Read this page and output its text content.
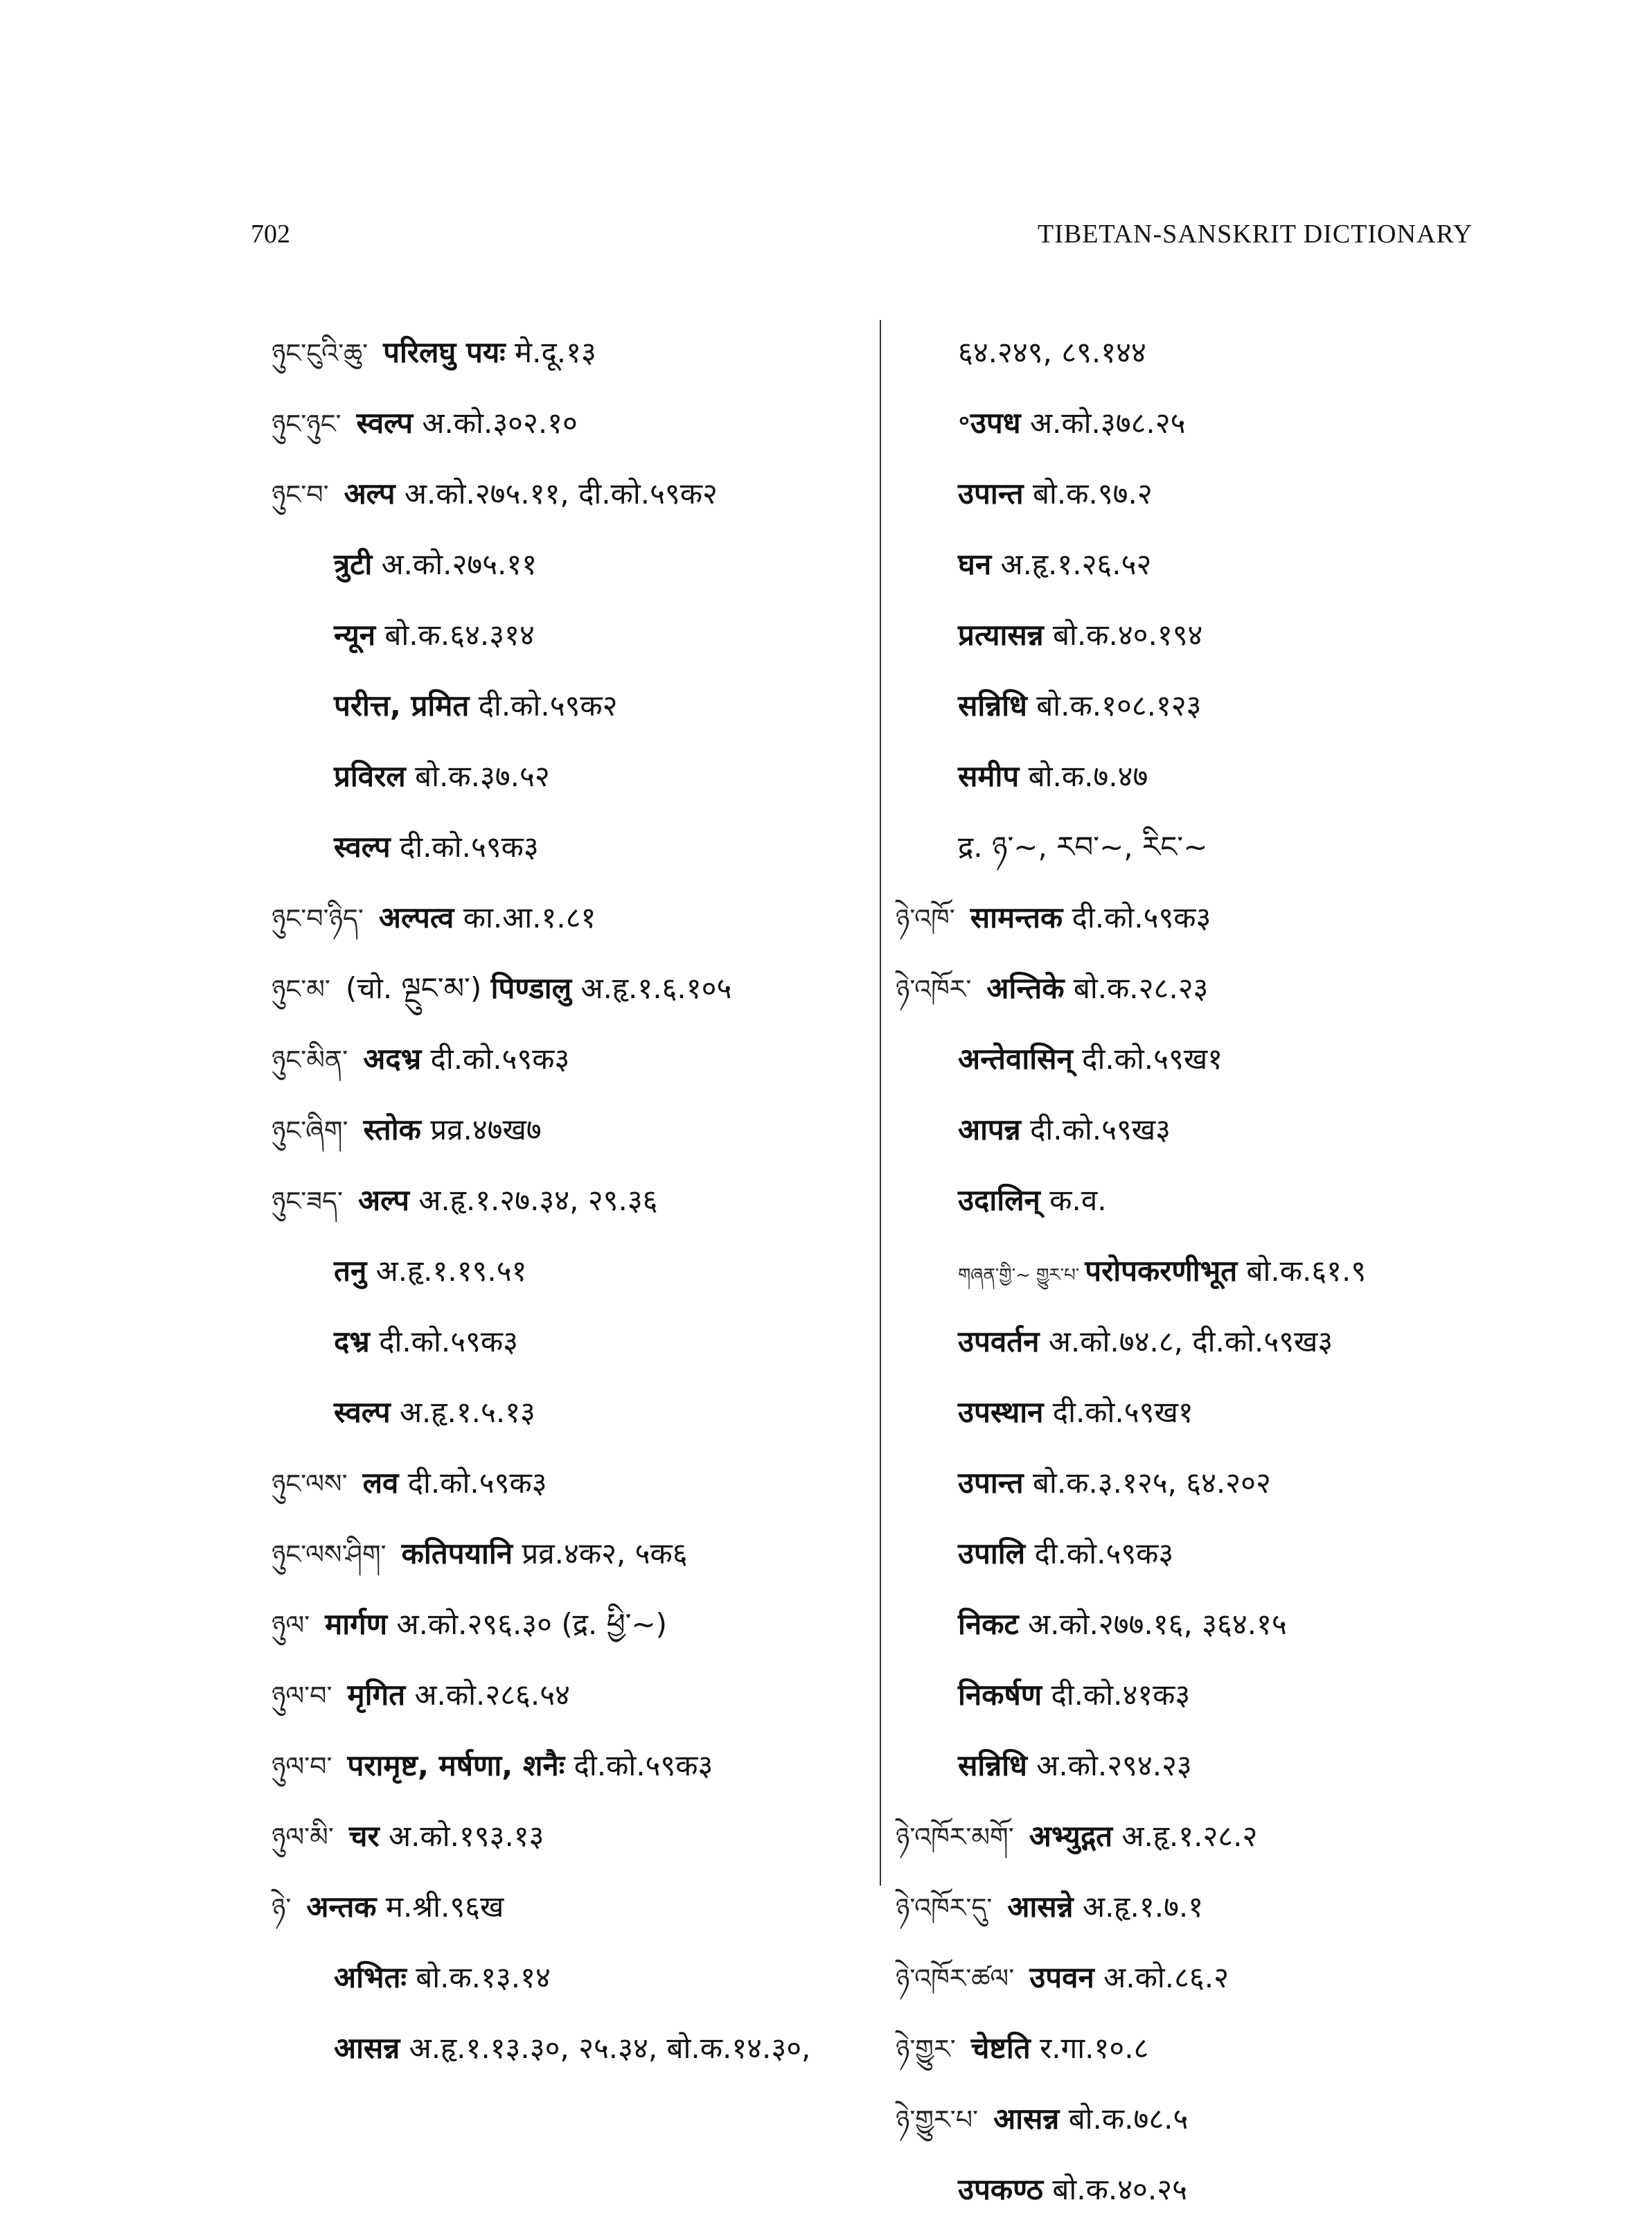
702	TIBETAN-SANSKRIT DICTIONARY
ཉུང་ངུའི་ཆུ་ परिलघु पयः मे.दू.१३
ཉུང་ཉུང་ स्वल्प अ.को.३०२.१०
ཉུང་བ་ अल्प अ.को.२७५.११, दी.को.५९क२
त्रुटी अ.को.२७५.११
न्यून बो.क.६४.३१४
परीत्त, प्रमित दी.को.५९क२
प्रविरल बो.क.३७.५२
स्वल्प दी.को.५९क३
ཉུང་བ་ཉིད་ अल्पत्व का.आ.१.८१
ཉུང་མ་ (चो. ལྔུང་མ་) पिण्डालु अ.हृ.१.६.१०५
ཉུང་མིན་ अदभ्र दी.को.५९क३
ཉུང་ཞིག་ स्तोक प्रव्र.४७ख७
ཉུང་ཟད་ अल्प अ.हृ.१.२७.३४, २९.३६
तनु अ.हृ.१.१९.५१
दभ्र दी.को.५९क३
स्वल्प अ.हृ.१.५.१३
ཉུང་ལས་ लव दी.को.५९क३
ཉུང་ལས་ཤིག་ कतिपयानि प्रव्र.४क२, ५क६
ཉུལ་ मार्गण अ.को.२९६.३० (द्र. ཕྱི་~)
ཉུལ་བ་ मृगित अ.को.२८६.५४
ཉུལ་བ་ परामृष्ट, मर्षणा, शनैः दी.को.५९क३
ཉུལ་མི་ चर अ.को.१९३.१३
ཉེ་ अन्तक म.श्री.९६ख
अभितः बो.क.१३.१४
आसन्न अ.हृ.१.१३.३०, २५.३४, बो.क.१४.३०,
६४.२४९, ८९.१४४
॰उपध अ.को.३७८.२५
उपान्त बो.क.९७.२
घन अ.हृ.१.२६.५२
प्रत्यासन्न बो.क.४०.१९४
सन्निधि बो.क.१०८.१२३
समीप बो.क.७.४७
द्र. ཉ་~, རབ་~, རིང་~
ཉེ་འཁོ་ सामन्तक दी.को.५९क३
ཉེ་འཁོར་ अन्तिके बो.क.२८.२३
अन्तेवासिन् दी.को.५९ख१
आपन्न दी.को.५९ख३
उदालिन् क.व.
གཞན་གྱི་~ གྱུར་པ་ परोपकरणीभूत बो.क.६१.९
उपवर्तन अ.को.७४.८, दी.को.५९ख३
उपस्थान दी.को.५९ख१
उपान्त बो.क.३.१२५, ६४.२०२
उपालि दी.को.५९क३
निकट अ.को.२७७.१६, ३६४.१५
निकर्षण दी.को.४१क३
सन्निधि अ.को.२९४.२३
ཉེ་འཁོར་མགོ་ अभ्युद्गत अ.हृ.१.२८.२
ཉེ་འཁོར་དུ་ आसन्ने अ.हृ.१.७.१
ཉེ་འཁོར་ཚལ་ उपवन अ.को.८६.२
ཉེ་གྱུར་ चेष्टति र.गा.१०.८
ཉེ་གྱུར་པ་ आसन्न बो.क.७८.५
उपकण्ठ बो.क.४०.२५
